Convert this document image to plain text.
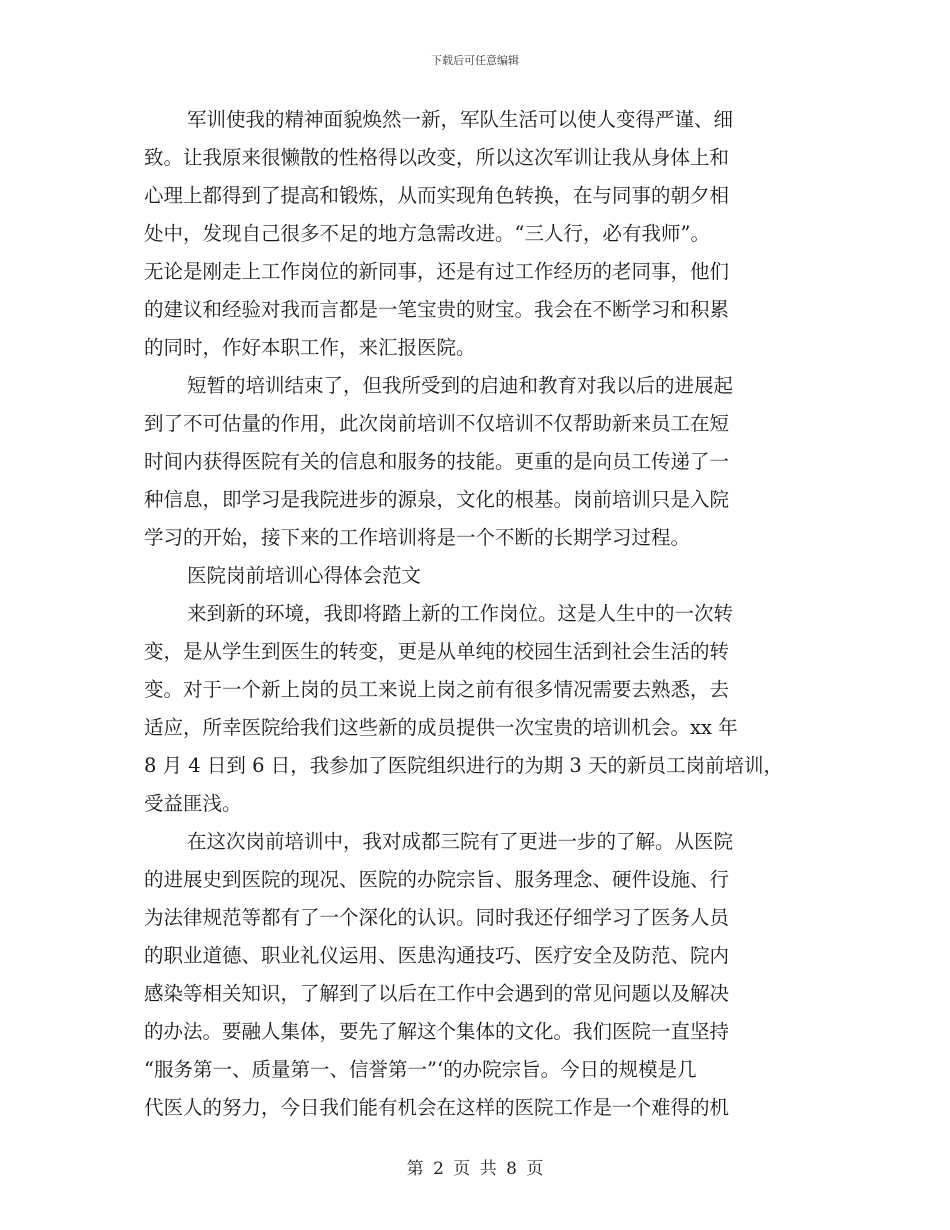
下载后可任意编辑
军训使我的精神面貌焕然一新，军队生活可以使人变得严谨、细
致。让我原来很懒散的性格得以改变，所以这次军训让我从身体上和
心理上都得到了提高和锻炼，从而实现角色转换，在与同事的朝夕相
处中，发现自己很多不足的地方急需改进。“三人行，必有我师”。
无论是刚走上工作岗位的新同事，还是有过工作经历的老同事，他们
的建议和经验对我而言都是一笔宝贵的财宝。我会在不断学习和积累
的同时，作好本职工作，来汇报医院。
短暂的培训结束了，但我所受到的启迪和教育对我以后的进展起
到了不可估量的作用，此次岗前培训不仅培训不仅帮助新来员工在短
时间内获得医院有关的信息和服务的技能。更重的是向员工传递了一
种信息，即学习是我院进步的源泉，文化的根基。岗前培训只是入院
学习的开始，接下来的工作培训将是一个不断的长期学习过程。
医院岗前培训心得体会范文
来到新的环境，我即将踏上新的工作岗位。这是人生中的一次转
变，是从学生到医生的转变，更是从单纯的校园生活到社会生活的转
变。对于一个新上岗的员工来说上岗之前有很多情况需要去熟悉，去
适应，所幸医院给我们这些新的成员提供一次宝贵的培训机会。xx 年
8 月 4 日到 6 日，我参加了医院组织进行的为期 3 天的新员工岗前培训，
受益匪浅。
在这次岗前培训中，我对成都三院有了更进一步的了解。从医院
的进展史到医院的现况、医院的办院宗旨、服务理念、硬件设施、行
为法律规范等都有了一个深化的认识。同时我还仔细学习了医务人员
的职业道德、职业礼仪运用、医患沟通技巧、医疗安全及防范、院内
感染等相关知识，了解到了以后在工作中会遇到的常见问题以及解决
的办法。要融人集体，要先了解这个集体的文化。我们医院一直坚持
“服务第一、质量第一、信誉第一”‘的办院宗旨。今日的规模是几
代医人的努力，今日我们能有机会在这样的医院工作是一个难得的机
第 2 页 共 8 页
